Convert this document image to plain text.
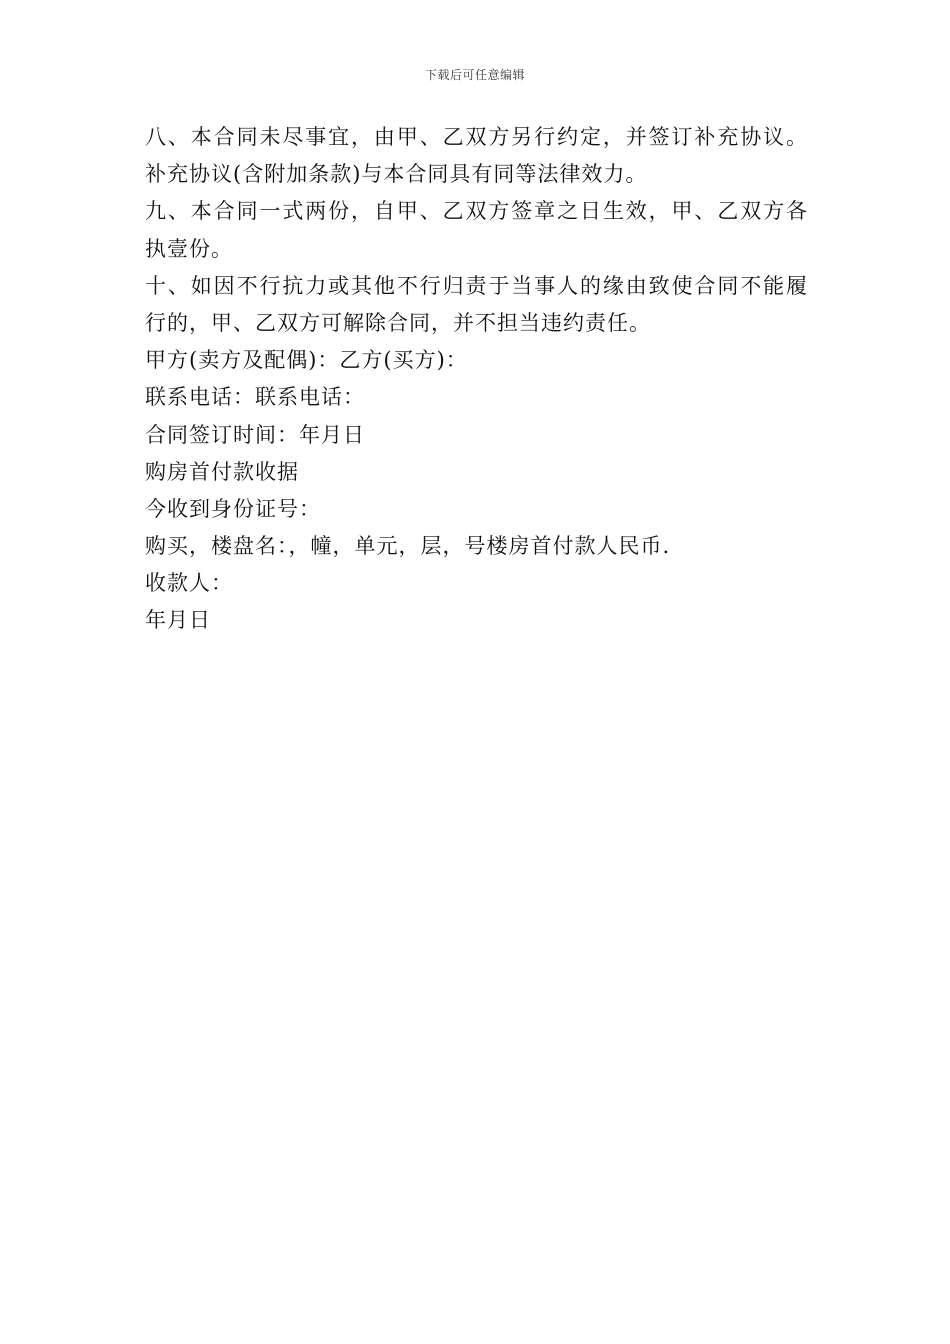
下载后可任意编辑
八、本合同未尽事宜，由甲、乙双方另行约定，并签订补充协议。
补充协议(含附加条款)与本合同具有同等法律效力。
九、本合同一式两份，自甲、乙双方签章之日生效，甲、乙双方各
执壹份。
十、如因不行抗力或其他不行归责于当事人的缘由致使合同不能履
行的，甲、乙双方可解除合同，并不担当违约责任。
甲方(卖方及配偶)：乙方(买方)：
联系电话：联系电话：
合同签订时间：年月日
购房首付款收据
今收到身份证号：
购买，楼盘名：，幢，单元，层，号楼房首付款人民币.
收款人：
年月日
